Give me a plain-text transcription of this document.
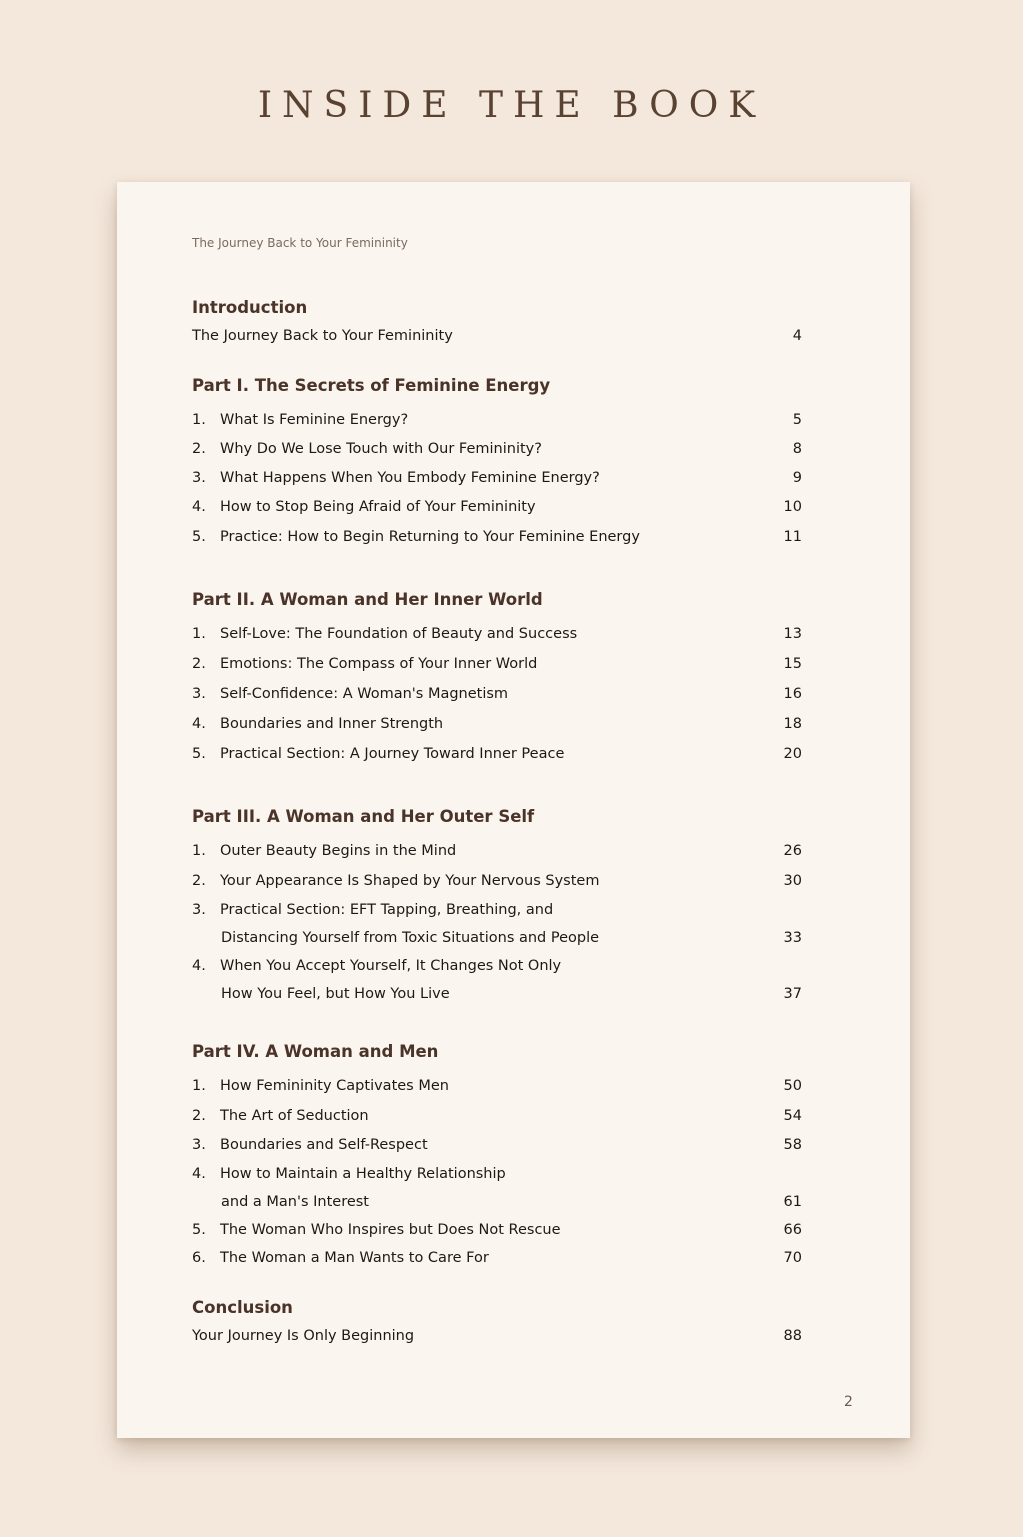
INSIDE THE BOOK
The Journey Back to Your Femininity
Introduction
The Journey Back to Your Femininity	4
Part I. The Secrets of Feminine Energy
1. What Is Feminine Energy?	5
2. Why Do We Lose Touch with Our Femininity?	8
3. What Happens When You Embody Feminine Energy?	9
4. How to Stop Being Afraid of Your Femininity	10
5. Practice: How to Begin Returning to Your Feminine Energy	11
Part II. A Woman and Her Inner World
1. Self-Love: The Foundation of Beauty and Success	13
2. Emotions: The Compass of Your Inner World	15
3. Self-Confidence: A Woman's Magnetism	16
4. Boundaries and Inner Strength	18
5. Practical Section: A Journey Toward Inner Peace	20
Part III. A Woman and Her Outer Self
1. Outer Beauty Begins in the Mind	26
2. Your Appearance Is Shaped by Your Nervous System	30
3. Practical Section: EFT Tapping, Breathing, and
Distancing Yourself from Toxic Situations and People	33
4. When You Accept Yourself, It Changes Not Only
How You Feel, but How You Live	37
Part IV. A Woman and Men
1. How Femininity Captivates Men	50
2. The Art of Seduction	54
3. Boundaries and Self-Respect	58
4. How to Maintain a Healthy Relationship
and a Man's Interest	61
5. The Woman Who Inspires but Does Not Rescue	66
6. The Woman a Man Wants to Care For	70
Conclusion
Your Journey Is Only Beginning	88
2
